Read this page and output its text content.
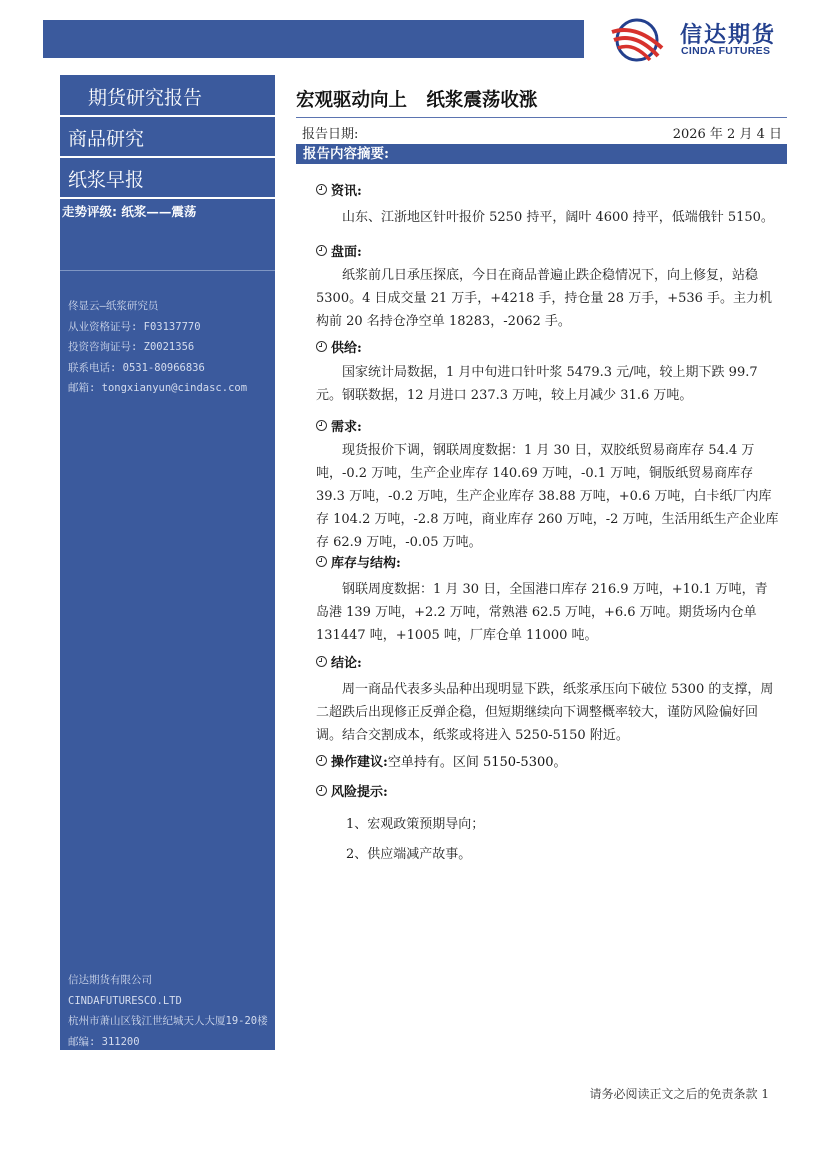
信达期货
CINDA FUTURES
期货研究报告
商品研究
纸浆早报
走势评级: 纸浆——震荡
佟显云—纸浆研究员
从业资格证号: F03137770
投资咨询证号: Z0021356
联系电话: 0531-80966836
邮箱: tongxianyun@cindasc.com
信达期货有限公司
CINDAFUTURESCO.LTD
杭州市萧山区钱江世纪城天人大厦19-20楼
邮编: 311200
宏观驱动向上   纸浆震荡收涨
报告日期:	2026 年 2 月 4 日
报告内容摘要:
资讯:
山东、江浙地区针叶报价 5250 持平，阔叶 4600 持平，低端俄针 5150。
盘面:
纸浆前几日承压探底，今日在商品普遍止跌企稳情况下，向上修复，站稳 5300。4 日成交量 21 万手，+4218 手，持仓量 28 万手，+536 手。主力机构前 20 名持仓净空单 18283，-2062 手。
供给:
国家统计局数据，1 月中旬进口针叶浆 5479.3 元/吨，较上期下跌 99.7 元。钢联数据，12 月进口 237.3 万吨，较上月减少 31.6 万吨。
需求:
现货报价下调，钢联周度数据：1 月 30 日，双胶纸贸易商库存 54.4 万吨，-0.2 万吨，生产企业库存 140.69 万吨，-0.1 万吨，铜版纸贸易商库存 39.3 万吨，-0.2 万吨，生产企业库存 38.88 万吨，+0.6 万吨，白卡纸厂内库存 104.2 万吨，-2.8 万吨，商业库存 260 万吨，-2 万吨，生活用纸生产企业库存 62.9 万吨，-0.05 万吨。
库存与结构:
钢联周度数据：1 月 30 日，全国港口库存 216.9 万吨，+10.1 万吨，青岛港 139 万吨，+2.2 万吨，常熟港 62.5 万吨，+6.6 万吨。期货场内仓单 131447 吨，+1005 吨，厂库仓单 11000 吨。
结论:
周一商品代表多头品种出现明显下跌，纸浆承压向下破位 5300 的支撑，周二超跌后出现修正反弹企稳，但短期继续向下调整概率较大，谨防风险偏好回调。结合交割成本，纸浆或将进入 5250-5150 附近。
操作建议: 空单持有。区间 5150-5300。
风险提示:
1、宏观政策预期导向；
2、供应端减产故事。
请务必阅读正文之后的免责条款 1
